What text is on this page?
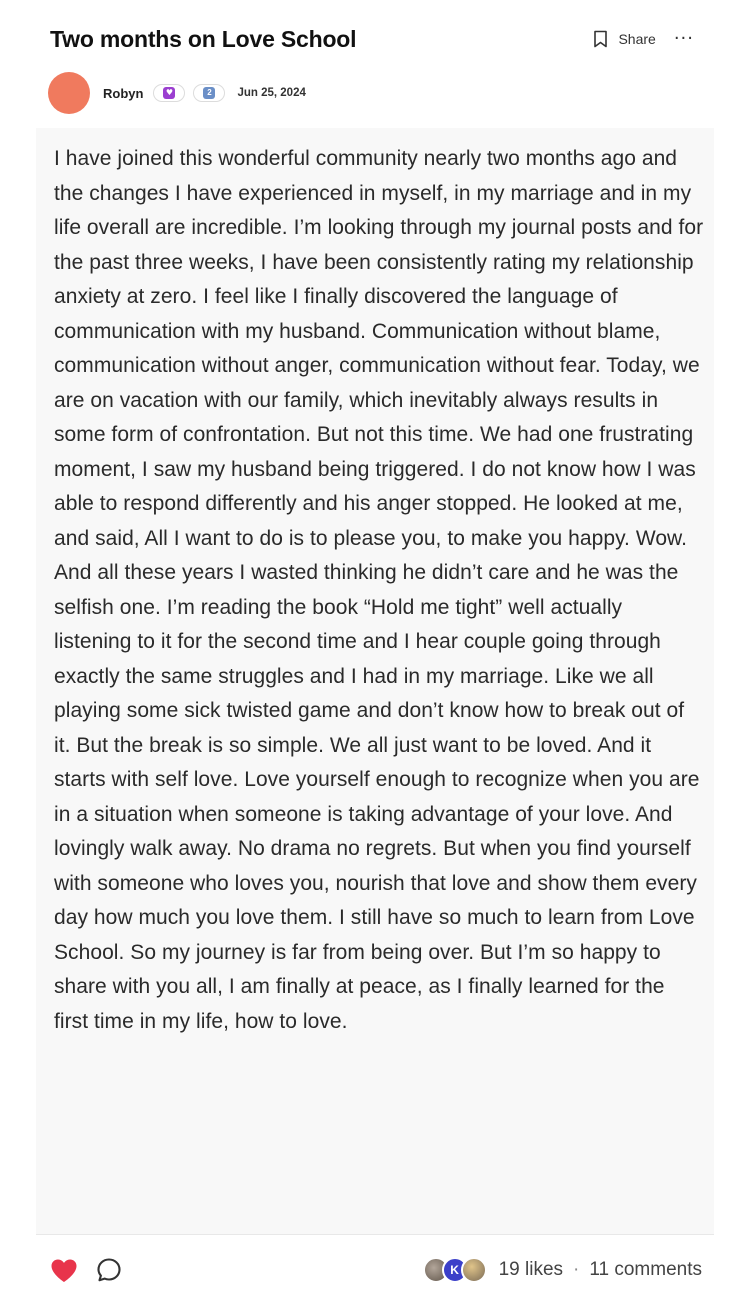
Two months on Love School	Share	···
Robyn	♥	2	Jun 25, 2024

I have joined this wonderful community nearly two months ago and the changes I have experienced in myself, in my marriage and in my life overall are incredible. I’m looking through my journal posts and for the past three weeks, I have been consistently rating my relationship anxiety at zero. I feel like I finally discovered the language of communication with my husband. Communication without blame, communication without anger, communication without fear. Today, we are on vacation with our family, which inevitably always results in some form of confrontation. But not this time. We had one frustrating moment, I saw my husband being triggered. I do not know how I was able to respond differently and his anger stopped. He looked at me, and said, All I want to do is to please you, to make you happy. Wow. And all these years I wasted thinking he didn’t care and he was the selfish one. I’m reading the book “Hold me tight” well actually listening to it for the second time and I hear couple going through exactly the same struggles and I had in my marriage. Like we all playing some sick twisted game and don’t know how to break out of it. But the break is so simple. We all just want to be loved. And it starts with self love. Love yourself enough to recognize when you are in a situation when someone is taking advantage of your love. And lovingly walk away. No drama no regrets. But when you find yourself with someone who loves you, nourish that love and show them every day how much you love them. I still have so much to learn from Love School. So my journey is far from being over. But I’m so happy to share with you all, I am finally at peace, as I finally learned for the first time in my life, how to love.

K	19 likes · 11 comments
